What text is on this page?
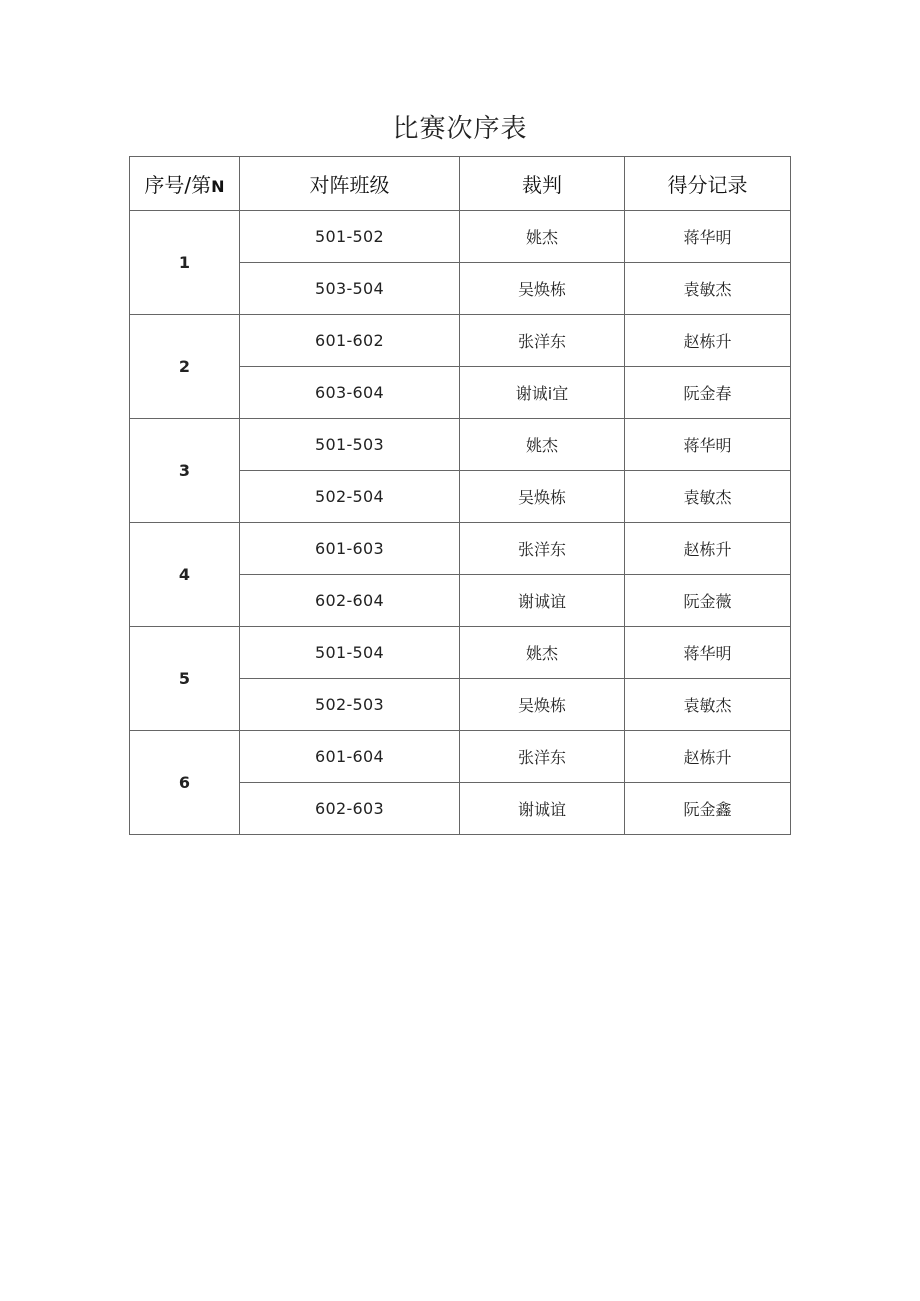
比赛次序表
序号/第N	对阵班级	裁判	得分记录
1	501-502	姚杰	蒋华明
	503-504	吴焕栋	袁敏杰
2	601-602	张洋东	赵栋升
	603-604	谢诚i宜	阮金春
3	501-503	姚杰	蒋华明
	502-504	吴焕栋	袁敏杰
4	601-603	张洋东	赵栋升
	602-604	谢诚谊	阮金薇
5	501-504	姚杰	蒋华明
	502-503	吴焕栋	袁敏杰
6	601-604	张洋东	赵栋升
	602-603	谢诚谊	阮金鑫
